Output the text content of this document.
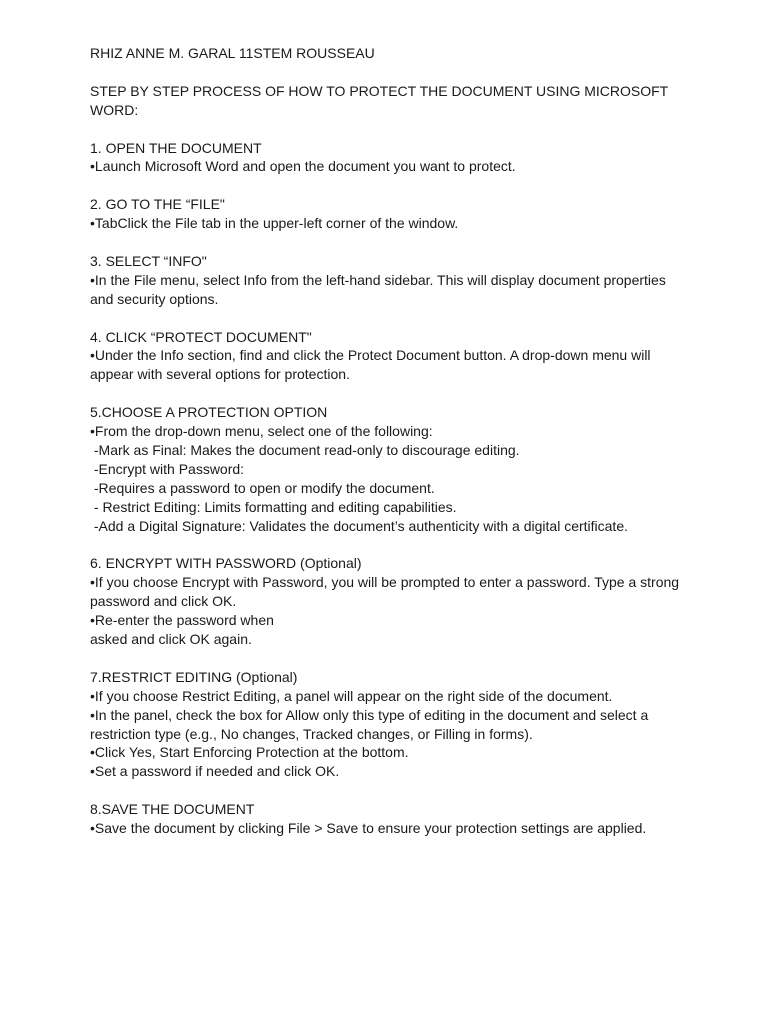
RHIZ ANNE M. GARAL 11STEM ROUSSEAU
STEP BY STEP PROCESS OF HOW TO PROTECT THE DOCUMENT USING MICROSOFT
WORD:
1. OPEN THE DOCUMENT
•Launch Microsoft Word and open the document you want to protect.
2. GO TO THE “FILE"
•TabClick the File tab in the upper-left corner of the window.
3. SELECT “INFO"
•In the File menu, select Info from the left-hand sidebar. This will display document properties
and security options.
4. CLICK “PROTECT DOCUMENT"
•Under the Info section, find and click the Protect Document button. A drop-down menu will
appear with several options for protection.
5.CHOOSE A PROTECTION OPTION
•From the drop-down menu, select one of the following:
-Mark as Final: Makes the document read-only to discourage editing.
-Encrypt with Password:
-Requires a password to open or modify the document.
- Restrict Editing: Limits formatting and editing capabilities.
-Add a Digital Signature: Validates the document’s authenticity with a digital certificate.
6. ENCRYPT WITH PASSWORD (Optional)
•If you choose Encrypt with Password, you will be prompted to enter a password. Type a strong
password and click OK.
•Re-enter the password when
asked and click OK again.
7.RESTRICT EDITING (Optional)
•If you choose Restrict Editing, a panel will appear on the right side of the document.
•In the panel, check the box for Allow only this type of editing in the document and select a
restriction type (e.g., No changes, Tracked changes, or Filling in forms).
•Click Yes, Start Enforcing Protection at the bottom.
•Set a password if needed and click OK.
8.SAVE THE DOCUMENT
•Save the document by clicking File > Save to ensure your protection settings are applied.
